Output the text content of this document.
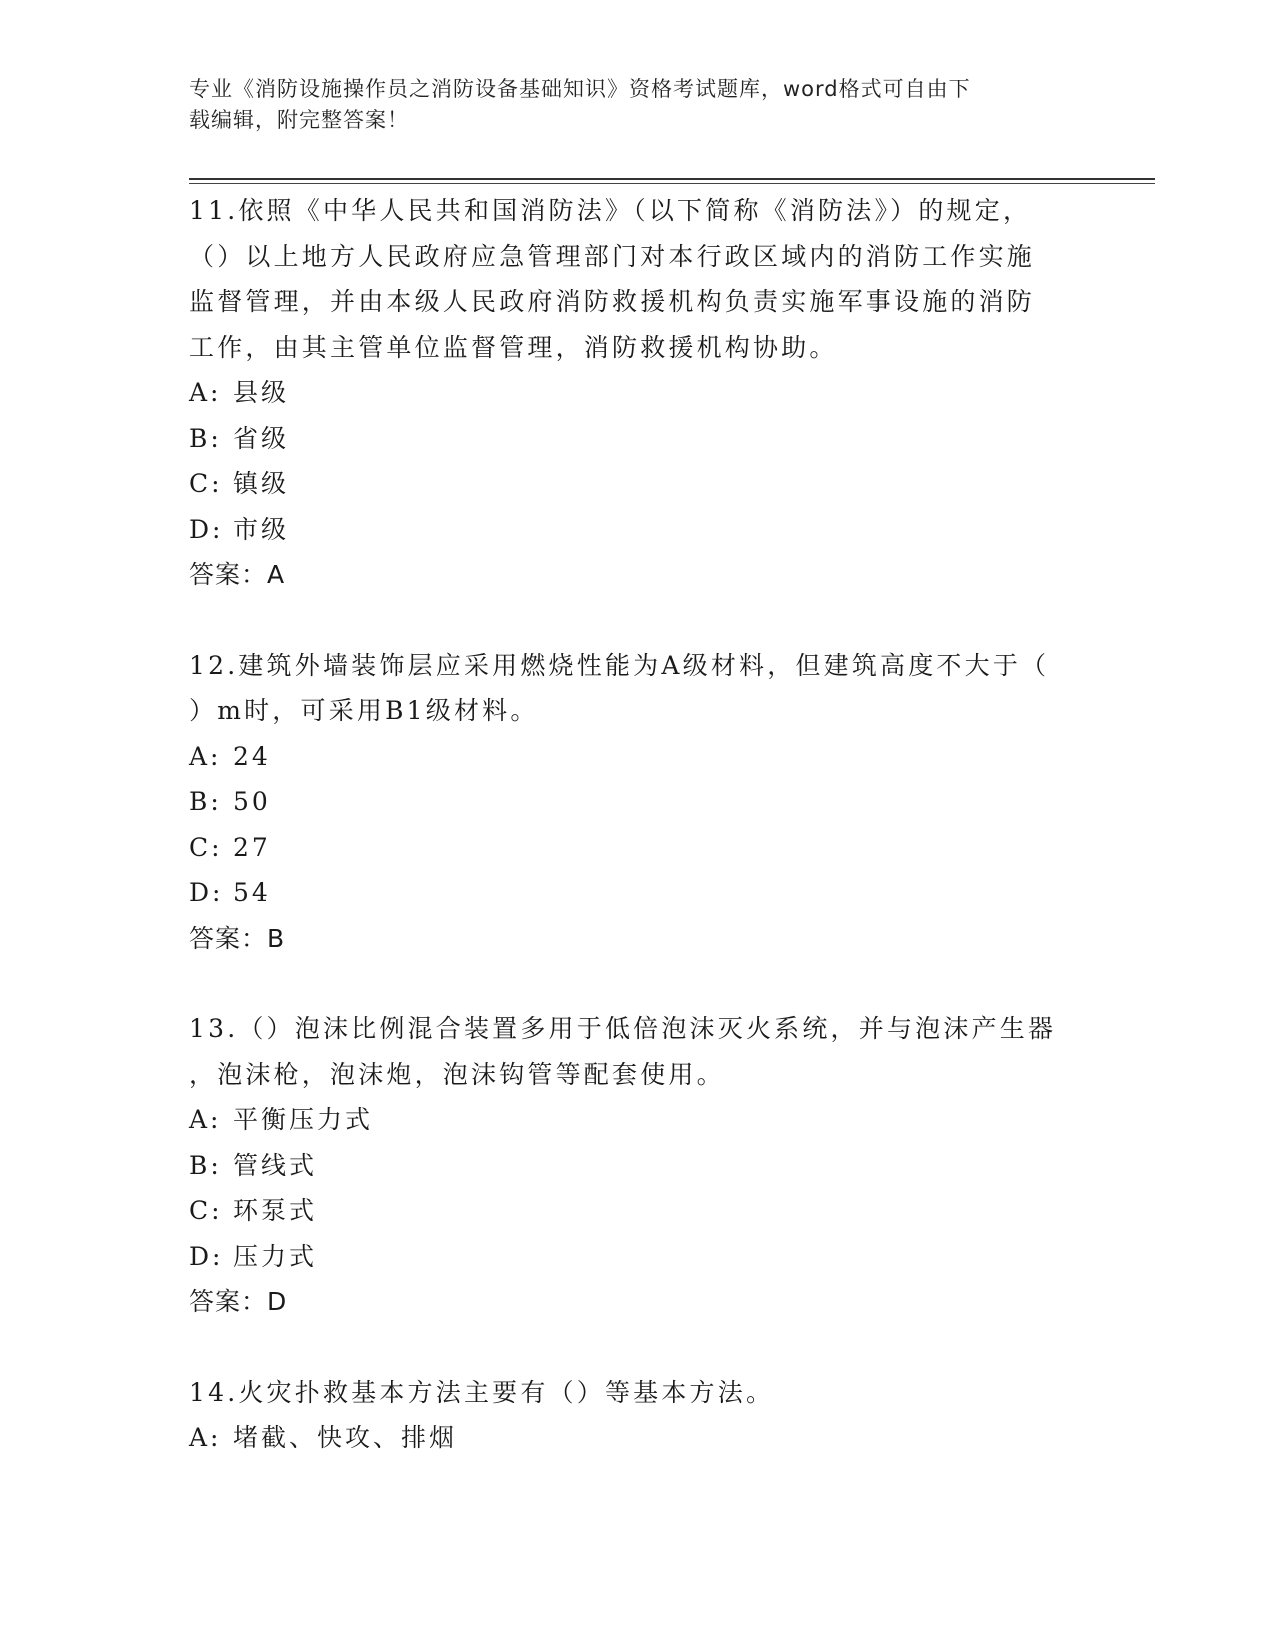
专业《消防设施操作员之消防设备基础知识》资格考试题库，word格式可自由下
载编辑，附完整答案！

11.依照《中华人民共和国消防法》（以下简称《消防法》）的规定，

（）以上地方人民政府应急管理部门对本行政区域内的消防工作实施

监督管理，并由本级人民政府消防救援机构负责实施军事设施的消防

工作，由其主管单位监督管理，消防救援机构协助。

A: 县级

B: 省级

C: 镇级

D: 市级

答案：A

12.建筑外墙装饰层应采用燃烧性能为A级材料，但建筑高度不大于（

）m时，可采用B1级材料。

A: 24

B: 50

C: 27

D: 54

答案：B

13.（）泡沫比例混合装置多用于低倍泡沫灭火系统，并与泡沫产生器

，泡沫枪，泡沫炮，泡沫钩管等配套使用。

A: 平衡压力式

B: 管线式

C: 环泵式

D: 压力式

答案：D

14.火灾扑救基本方法主要有（）等基本方法。

A: 堵截、快攻、排烟
